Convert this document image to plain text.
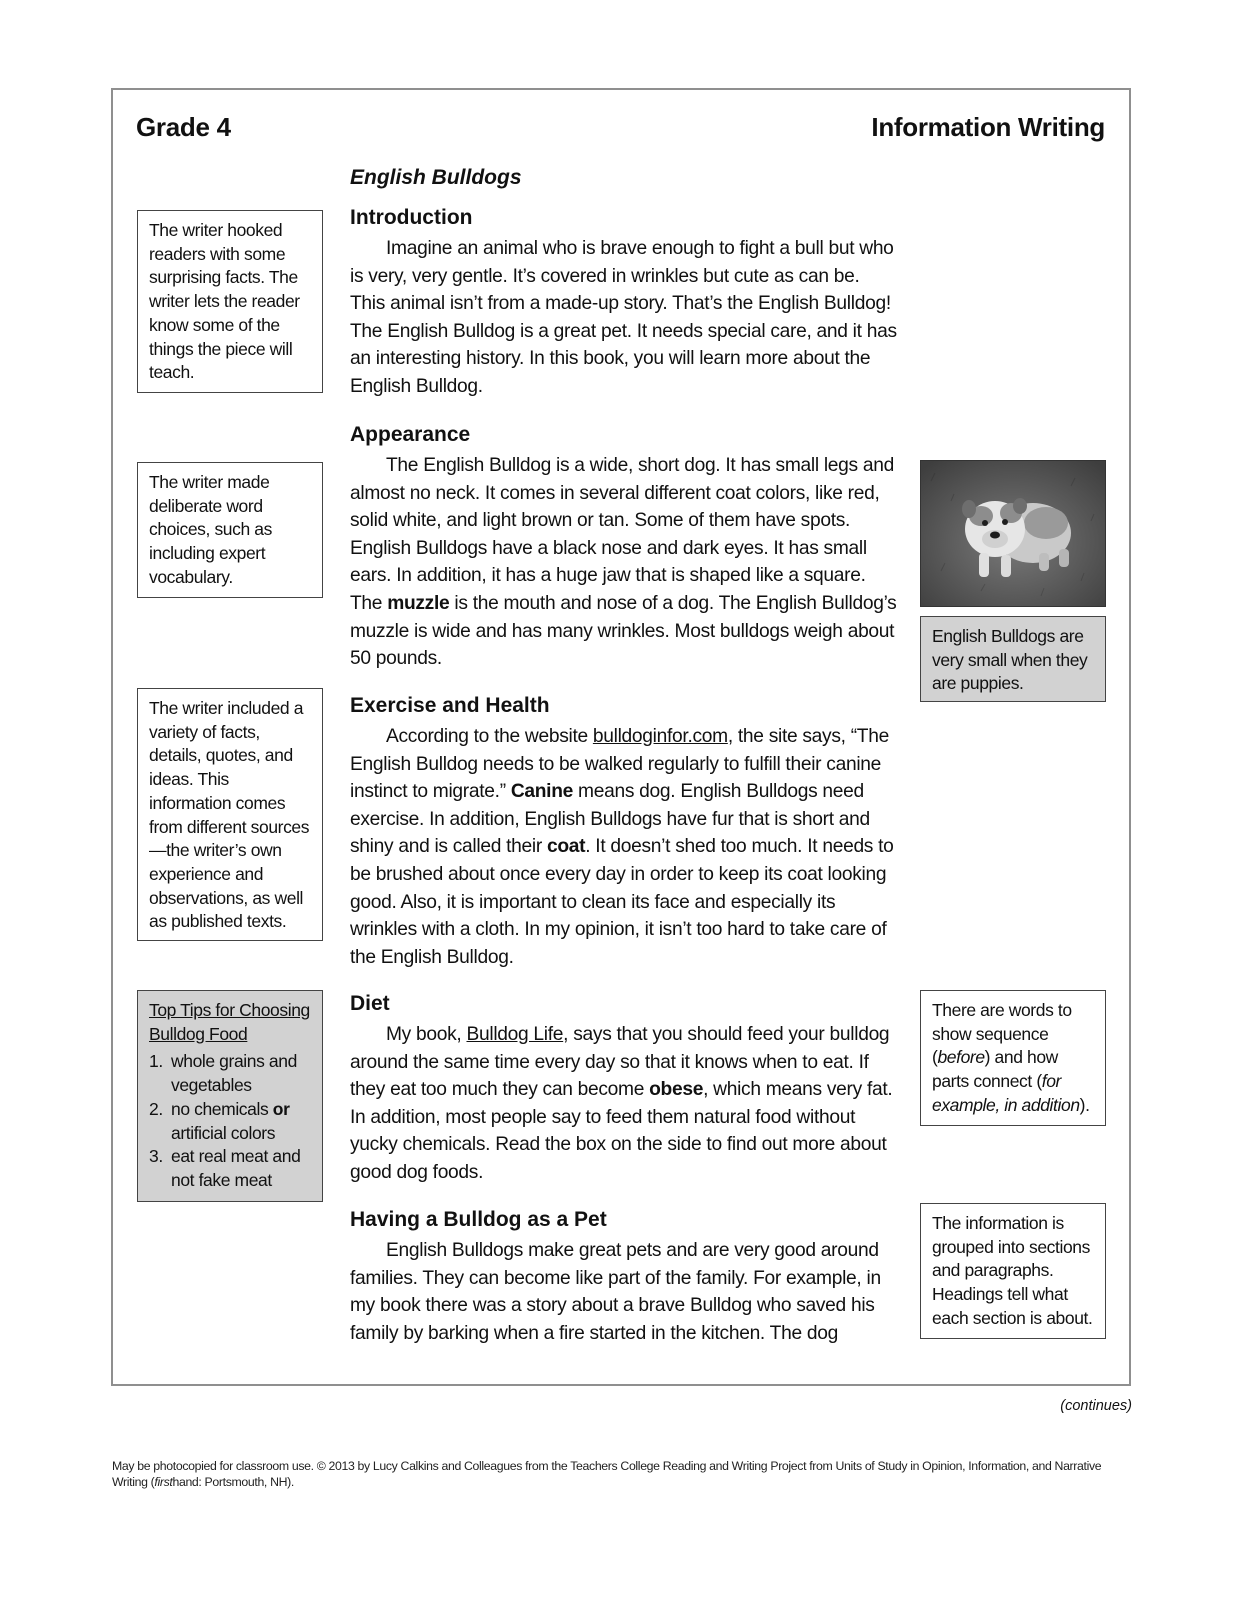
Grade 4	Information Writing
English Bulldogs
Introduction

Imagine an animal who is brave enough to fight a bull but who is very, very gentle. It’s covered in wrinkles but cute as can be. This animal isn’t from a made-up story. That’s the English Bulldog! The English Bulldog is a great pet. It needs special care, and it has an interesting history. In this book, you will learn more about the English Bulldog.

Appearance

The English Bulldog is a wide, short dog. It has small legs and almost no neck. It comes in several different coat colors, like red, solid white, and light brown or tan. Some of them have spots. English Bulldogs have a black nose and dark eyes. It has small ears. In addition, it has a huge jaw that is shaped like a square. The muzzle is the mouth and nose of a dog. The English Bulldog’s muzzle is wide and has many wrinkles. Most bulldogs weigh about 50 pounds.

Exercise and Health

According to the website bulldoginfor.com, the site says, “The English Bulldog needs to be walked regularly to fulfill their canine instinct to migrate.” Canine means dog. English Bulldogs need exercise. In addition, English Bulldogs have fur that is short and shiny and is called their coat. It doesn’t shed too much. It needs to be brushed about once every day in order to keep its coat looking good. Also, it is important to clean its face and especially its wrinkles with a cloth. In my opinion, it isn’t too hard to take care of the English Bulldog.

Diet

My book, Bulldog Life, says that you should feed your bulldog around the same time every day so that it knows when to eat. If they eat too much they can become obese, which means very fat. In addition, most people say to feed them natural food without yucky chemicals. Read the box on the side to find out more about good dog foods.

Having a Bulldog as a Pet

English Bulldogs make great pets and are very good around families. They can become like part of the family. For example, in my book there was a story about a brave Bulldog who saved his family by barking when a fire started in the kitchen. The dog

The writer hooked readers with some surprising facts. The writer lets the reader know some of the things the piece will teach.
The writer made deliberate word choices, such as including expert vocabulary.
The writer included a variety of facts, details, quotes, and ideas. This information comes from different sources—the writer’s own experience and observations, as well as published texts.
Top Tips for Choosing Bulldog Food
1. whole grains and vegetables
2. no chemicals or artificial colors
3. eat real meat and not fake meat
English Bulldogs are very small when they are puppies.
There are words to show sequence (before) and how parts connect (for example, in addition).
The information is grouped into sections and paragraphs. Headings tell what each section is about.
(continues)
May be photocopied for classroom use. © 2013 by Lucy Calkins and Colleagues from the Teachers College Reading and Writing Project from Units of Study in Opinion, Information, and Narrative Writing (firsthand: Portsmouth, NH).
